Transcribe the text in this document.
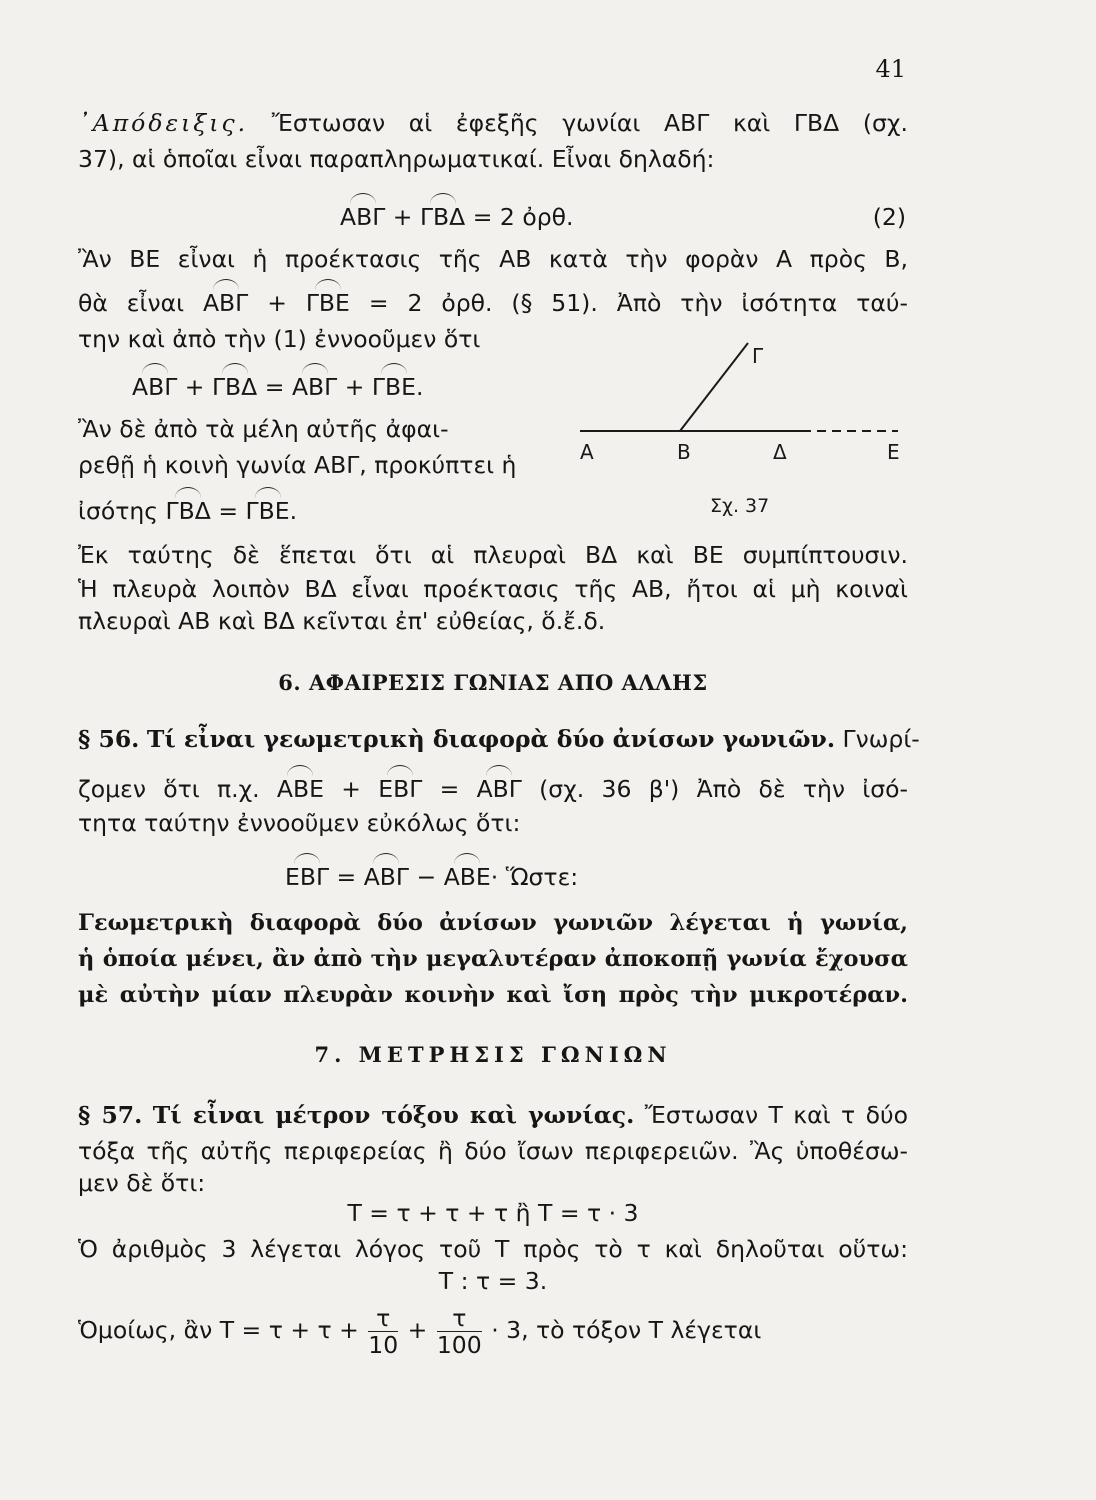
41
᾿Απόδειξις. Ἔστωσαν αἱ ἐφεξῆς γωνίαι ΑΒΓ καὶ ΓΒΔ (σχ.
37), αἱ ὁποῖαι εἶναι παραπληρωματικαί. Εἶναι δηλαδή:
ΑΒΓ + ΓΒΔ = 2 ὀρθ.	(2)
Ἂν ΒΕ εἶναι ἡ προέκτασις τῆς ΑΒ κατὰ τὴν φορὰν Α πρὸς Β,
θὰ εἶναι ΑΒΓ + ΓΒΕ = 2 ὀρθ. (§ 51). Ἀπὸ τὴν ἰσότητα ταύ-
την καὶ ἀπὸ τὴν (1) ἐννοοῦμεν ὅτι
ΑΒΓ + ΓΒΔ = ΑΒΓ + ΓΒΕ.
Ἂν δὲ ἀπὸ τὰ μέλη αὐτῆς ἀφαι-
ρεθῇ ἡ κοινὴ γωνία ΑΒΓ, προκύπτει ἡ
ἰσότης ΓΒΔ = ΓΒΕ.
Α	Β	Δ	Ε
Γ
Σχ. 37
Ἐκ ταύτης δὲ ἕπεται ὅτι αἱ πλευραὶ ΒΔ καὶ ΒΕ συμπίπτουσιν.
Ἡ πλευρὰ λοιπὸν ΒΔ εἶναι προέκτασις τῆς ΑΒ, ἤτοι αἱ μὴ κοιναὶ
πλευραὶ ΑΒ καὶ ΒΔ κεῖνται ἐπ' εὐθείας, ὅ.ἔ.δ.
6. ΑΦΑΙΡΕΣΙΣ ΓΩΝΙΑΣ ΑΠΟ ΑΛΛΗΣ
§ 56. Τί εἶναι γεωμετρικὴ διαφορὰ δύο ἀνίσων γωνιῶν. Γνωρί-
ζομεν ὅτι π.χ. ΑΒΕ + ΕΒΓ = ΑΒΓ (σχ. 36 β') Ἀπὸ δὲ τὴν ἰσό-
τητα ταύτην ἐννοοῦμεν εὐκόλως ὅτι:
ΕΒΓ = ΑΒΓ − ΑΒΕ· Ὥστε:
Γεωμετρικὴ διαφορὰ δύο ἀνίσων γωνιῶν λέγεται ἡ γωνία,
ἡ ὁποία μένει, ἂν ἀπὸ τὴν μεγαλυτέραν ἀποκοπῇ γωνία ἔχουσα
μὲ αὐτὴν μίαν πλευρὰν κοινὴν καὶ ἴση πρὸς τὴν μικροτέραν.
7. ΜΕΤΡΗΣΙΣ ΓΩΝΙΩΝ
§ 57. Τί εἶναι μέτρον τόξου καὶ γωνίας. Ἔστωσαν Τ καὶ τ δύο
τόξα τῆς αὐτῆς περιφερείας ἢ δύο ἴσων περιφερειῶν. Ἂς ὑποθέσω-
μεν δὲ ὅτι:
Τ = τ + τ + τ ἢ Τ = τ · 3
Ὁ ἀριθμὸς 3 λέγεται λόγος τοῦ Τ πρὸς τὸ τ καὶ δηλοῦται οὕτω:
Τ : τ = 3.
Ὁμοίως, ἂν $T = \tau + \tau + \frac{\tau}{10} + \frac{\tau}{100} \cdot 3$, τὸ τόξον Τ λέγεται
